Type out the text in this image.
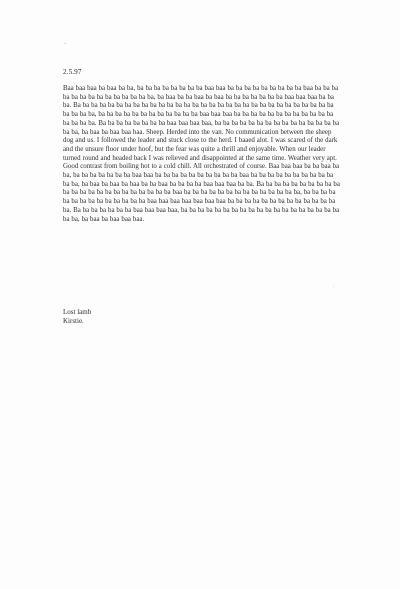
2.5.97

Baa baa baa ba baa ba ba, ba ba ba ba ba ba ba ba baa baa ba ba ba ba ba ba ba ba ba baa ba ba ba ba ba ba ba ba ba ba ba ba ba ba, ba baa ba ba baa ba baa ba ba ba ba ba ba ba baa baa baa ba ba ba. Ba ba ba ba ba ba ba ba ba ba ba ba ba ba ba ba ba ba ba ba ba ba ba ba ba ba ba ba ba ba ba ba ba ba ba, ba ba ba ba ba ba ba ba ba ba ba ba baa baa baa ba ba ba ba ba ba ba ba ba ba ba ba ba ba ba ba. Ba ba ba ba ba ba ba ba baa baa baa baa, ba ba ba ba ba ba ba ba ba ba ba ba ba ba ba ba ba, ba baa ba baa baa baa. Sheep. Herded into the van. No communication between the sheep dog and us. I followed the leader and stuck close to the herd. I baaed alot. I was scared of the dark and the unsure floor under hoof, but the fear was quite a thrill and enjoyable. When our leader turned round and headed back I was relieved and disappointed at the same time. Weather very apt. Good contrast from boiling hot to a cold chill. All orchestrated of course. Baa baa baa ba ba baa ba ba, ba ba ba ba ba ba ba baa baa ba ba ba ba ba ba ba ba ba ba baa ba ba ba ba ba ba ba ba ba ba ba ba, ba baa ba baa ba baa ba ba baa ba ba ba ba baa baa baa ba ba. Ba ba ba ba ba ba ba ba ba ba ba ba ba ba ba ba ba ba ba ba ba ba ba baa ba ba ba ba ba ba ba ba ba ba ba ba ba ba, ba ba ba ba ba ba ba ba ba ba ba ba ba ba baa baa baa baa baa baa baa ba ba ba ba ba ba ba ba ba ba ba ba ba ba. Ba ba ba ba ba ba ba baa baa baa baa, ba ba ba ba ba ba ba ba ba ba ba ba ba ba ba ba ba ba ba ba ba, ba baa ba baa baa baa.

Lost lamb
Kirstie.
